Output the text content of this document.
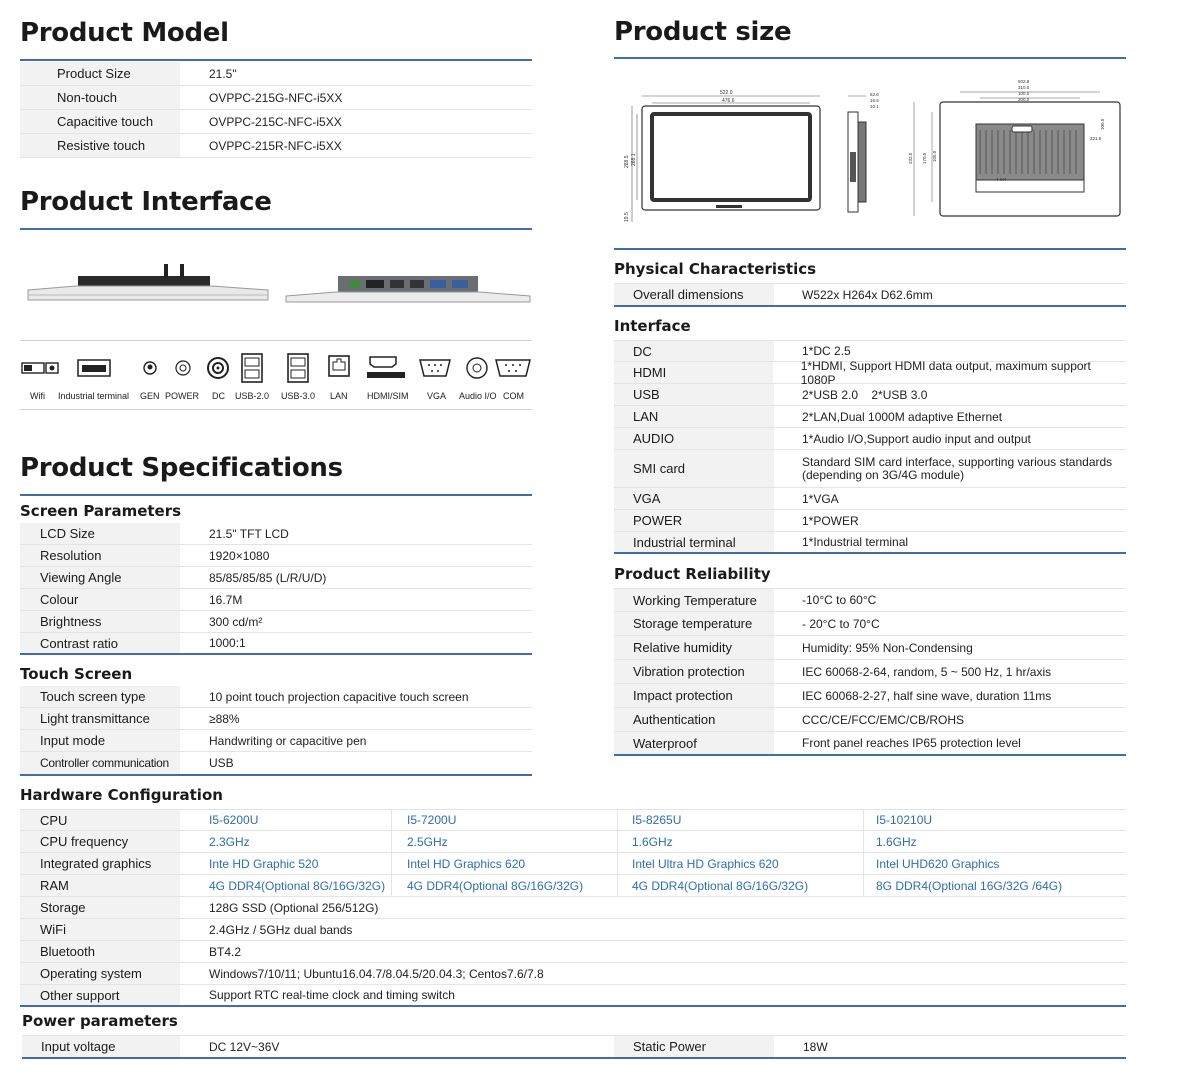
Product Model
Product Size	21.5"
Non-touch	OVPPC-215G-NFC-i5XX
Capacitive touch	OVPPC-215C-NFC-i5XX
Resistive touch	OVPPC-215R-NFC-i5XX
Product Interface
Wifi Industrial terminal GEN POWER DC USB-2.0 USB-3.0 LAN HDMI/SIM VGA Audio I/O COM
Product Specifications
Screen Parameters
LCD Size	21.5" TFT LCD
Resolution	1920×1080
Viewing Angle	85/85/85/85 (L/R/U/D)
Colour	16.7M
Brightness	300 cd/m²
Contrast ratio	1000:1
Touch Screen
Touch screen type	10 point touch projection capacitive touch screen
Light transmittance	≥88%
Input mode	Handwriting or capacitive pen
Controller communication	USB
Product size
522.0
476.6
288.5 268.1
19.5
62.6
16.5
10.1
502.8
310.0
100.0
200.0
221.6
100.0
232.5 170.0 105.0
4-M4
Physical Characteristics
Overall dimensions	W522x H264x D62.6mm
Interface
DC	1*DC 2.5
HDMI	1*HDMI, Support HDMI data output, maximum support 1080P
USB	2*USB 2.0    2*USB 3.0
LAN	2*LAN,Dual 1000M adaptive Ethernet
AUDIO	1*Audio I/O,Support audio input and output
SMI card	Standard SIM card interface, supporting various standards (depending on 3G/4G module)
VGA	1*VGA
POWER	1*POWER
Industrial terminal	1*Industrial terminal
Product Reliability
Working Temperature	-10°C to 60°C
Storage temperature	- 20°C to 70°C
Relative humidity	Humidity: 95% Non-Condensing
Vibration protection	IEC 60068-2-64, random, 5 ~ 500 Hz, 1 hr/axis
Impact protection	IEC 60068-2-27, half sine wave, duration 11ms
Authentication	CCC/CE/FCC/EMC/CB/ROHS
Waterproof	Front panel reaches IP65 protection level
Hardware Configuration
CPU	I5-6200U	I5-7200U	I5-8265U	I5-10210U
CPU frequency	2.3GHz	2.5GHz	1.6GHz	1.6GHz
Integrated graphics	Inte HD Graphic 520	Intel HD Graphics 620	Intel Ultra HD Graphics 620	Intel UHD620 Graphics
RAM	4G DDR4(Optional 8G/16G/32G)	4G DDR4(Optional 8G/16G/32G)	4G DDR4(Optional 8G/16G/32G)	8G DDR4(Optional 16G/32G /64G)
Storage	128G SSD (Optional 256/512G)
WiFi	2.4GHz / 5GHz dual bands
Bluetooth	BT4.2
Operating system	Windows7/10/11; Ubuntu16.04.7/8.04.5/20.04.3; Centos7.6/7.8
Other support	Support RTC real-time clock and timing switch
Power parameters
Input voltage	DC 12V~36V	Static Power	18W
